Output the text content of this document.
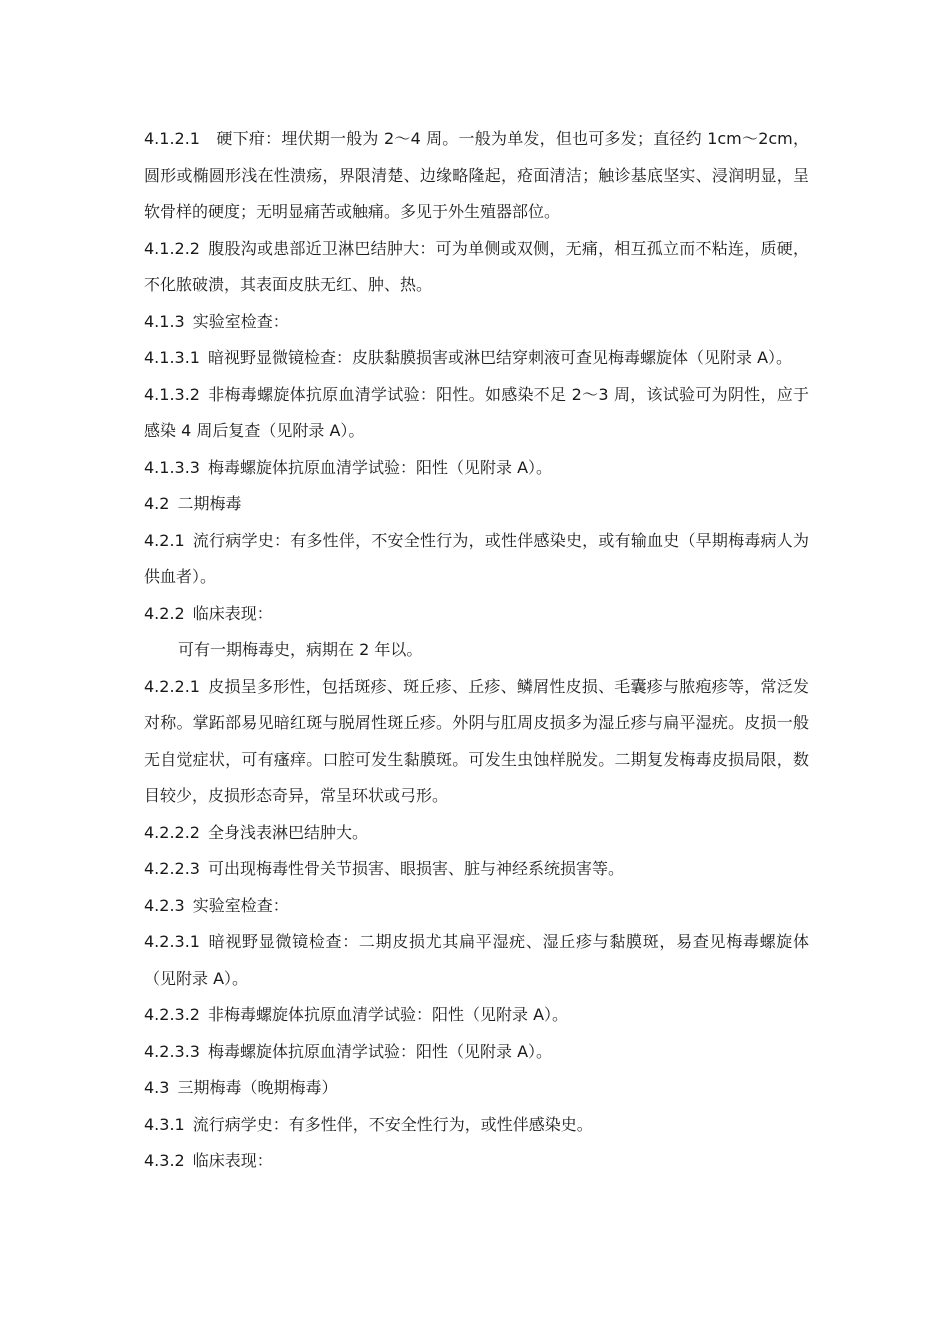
4.1.2.1　硬下疳：埋伏期一般为 2～4 周。一般为单发，但也可多发；直径约 1cm～2cm，圆形或椭圆形浅在性溃疡，界限清楚、边缘略隆起，疮面清洁；触诊基底坚实、浸润明显，呈软骨样的硬度；无明显痛苦或触痛。多见于外生殖器部位。

4.1.2.2 腹股沟或患部近卫淋巴结肿大：可为单侧或双侧，无痛，相互孤立而不粘连，质硬，不化脓破溃，其表面皮肤无红、肿、热。

4.1.3 实验室检查：

4.1.3.1 暗视野显微镜检查：皮肤黏膜损害或淋巴结穿刺液可查见梅毒螺旋体（见附录 A）。

4.1.3.2 非梅毒螺旋体抗原血清学试验：阳性。如感染不足 2～3 周，该试验可为阴性，应于感染 4 周后复查（见附录 A）。

4.1.3.3 梅毒螺旋体抗原血清学试验：阳性（见附录 A）。

4.2 二期梅毒

4.2.1 流行病学史：有多性伴，不安全性行为，或性伴感染史，或有输血史（早期梅毒病人为供血者）。

4.2.2 临床表现：

可有一期梅毒史，病期在 2 年以。

4.2.2.1 皮损呈多形性，包括斑疹、斑丘疹、丘疹、鳞屑性皮损、毛囊疹与脓疱疹等，常泛发对称。掌跖部易见暗红斑与脱屑性斑丘疹。外阴与肛周皮损多为湿丘疹与扁平湿疣。皮损一般无自觉症状，可有瘙痒。口腔可发生黏膜斑。可发生虫蚀样脱发。二期复发梅毒皮损局限，数目较少，皮损形态奇异，常呈环状或弓形。

4.2.2.2 全身浅表淋巴结肿大。

4.2.2.3 可出现梅毒性骨关节损害、眼损害、脏与神经系统损害等。

4.2.3 实验室检查：

4.2.3.1 暗视野显微镜检查：二期皮损尤其扁平湿疣、湿丘疹与黏膜斑，易查见梅毒螺旋体（见附录 A）。

4.2.3.2 非梅毒螺旋体抗原血清学试验：阳性（见附录 A）。

4.2.3.3 梅毒螺旋体抗原血清学试验：阳性（见附录 A）。

4.3 三期梅毒（晚期梅毒）

4.3.1 流行病学史：有多性伴，不安全性行为，或性伴感染史。

4.3.2 临床表现：
